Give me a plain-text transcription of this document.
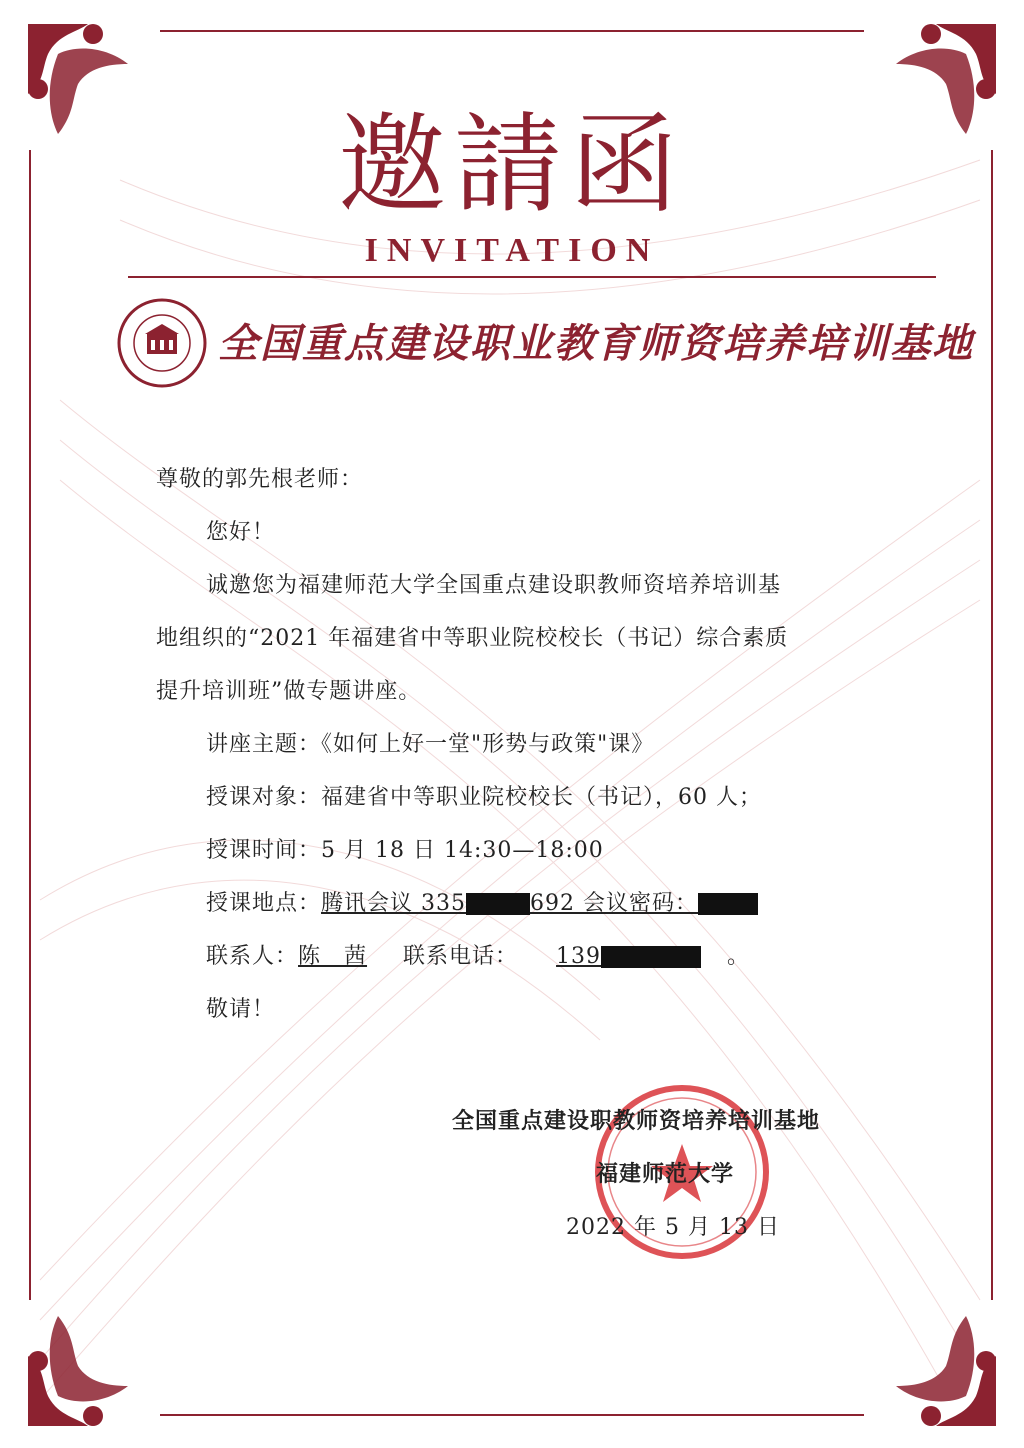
邀請函
INVITATION
全国重点建设职业教育师资培养培训基地
尊敬的郭先根老师：
您好！
诚邀您为福建师范大学全国重点建设职教师资培养培训基
地组织的“2021 年福建省中等职业院校校长（书记）综合素质
提升培训班”做专题讲座。
讲座主题：《如何上好一堂"形势与政策"课》
授课对象：福建省中等职业院校校长（书记），60 人；
授课时间：5 月 18 日 14:30—18:00
授课地点：腾讯会议 335	692 会议密码：
联系人：陈　茜 联系电话： 139	。
敬请！
全国重点建设职教师资培养培训基地
福建师范大学
2022 年 5 月 13 日
